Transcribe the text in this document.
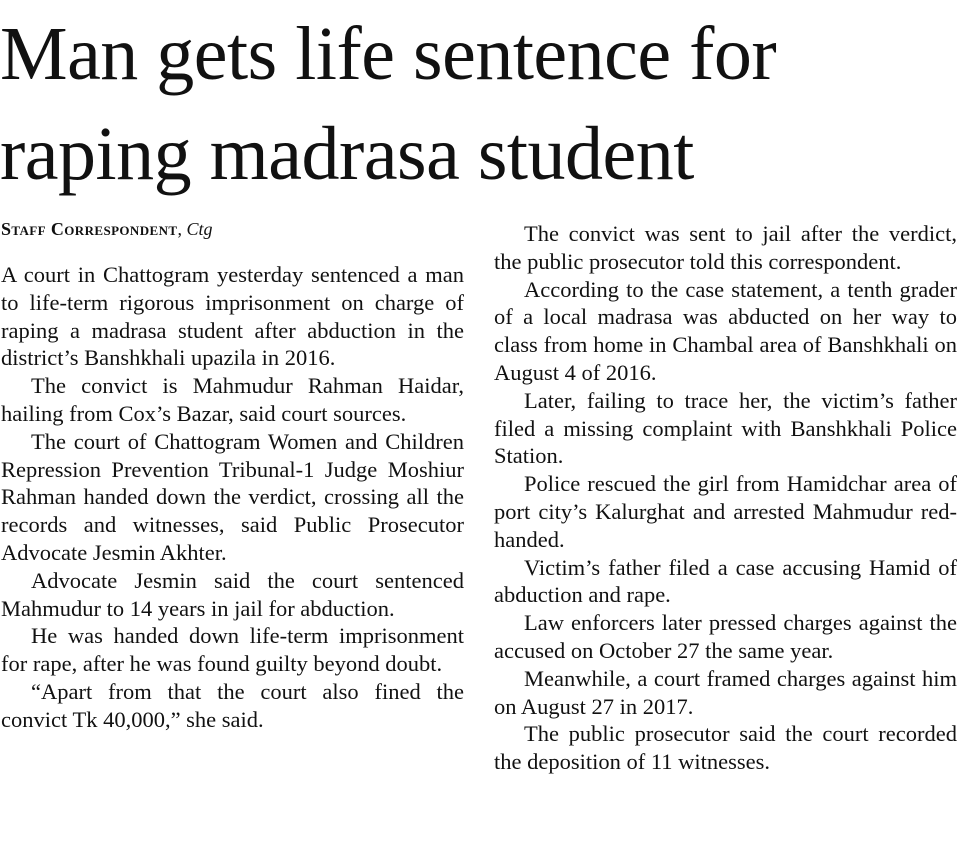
Man gets life sentence for
raping madrasa student
Staff Correspondent, Ctg

A court in Chattogram yesterday sentenced a man to life-term rigorous imprisonment on charge of raping a madrasa student after abduction in the district’s Banshkhali upazila in 2016.

The convict is Mahmudur Rahman Haidar, hailing from Cox’s Bazar, said court sources.

The court of Chattogram Women and Children Repression Prevention Tribunal-1 Judge Moshiur Rahman handed down the verdict, crossing all the records and witnesses, said Public Prosecutor Advocate Jesmin Akhter.

Advocate Jesmin said the court sentenced Mahmudur to 14 years in jail for abduction.

He was handed down life-term imprisonment for rape, after he was found guilty beyond doubt.

“Apart from that the court also fined the convict Tk 40,000,” she said.

The convict was sent to jail after the verdict, the public prosecutor told this correspondent.

According to the case statement, a tenth grader of a local madrasa was abducted on her way to class from home in Chambal area of Banshkhali on August 4 of 2016.

Later, failing to trace her, the victim’s father filed a missing complaint with Banshkhali Police Station.

Police rescued the girl from Hamidchar area of port city’s Kalurghat and arrested Mahmudur red-handed.

Victim’s father filed a case accusing Hamid of abduction and rape.

Law enforcers later pressed charges against the accused on October 27 the same year.

Meanwhile, a court framed charges against him on August 27 in 2017.

The public prosecutor said the court recorded the deposition of 11 witnesses.
